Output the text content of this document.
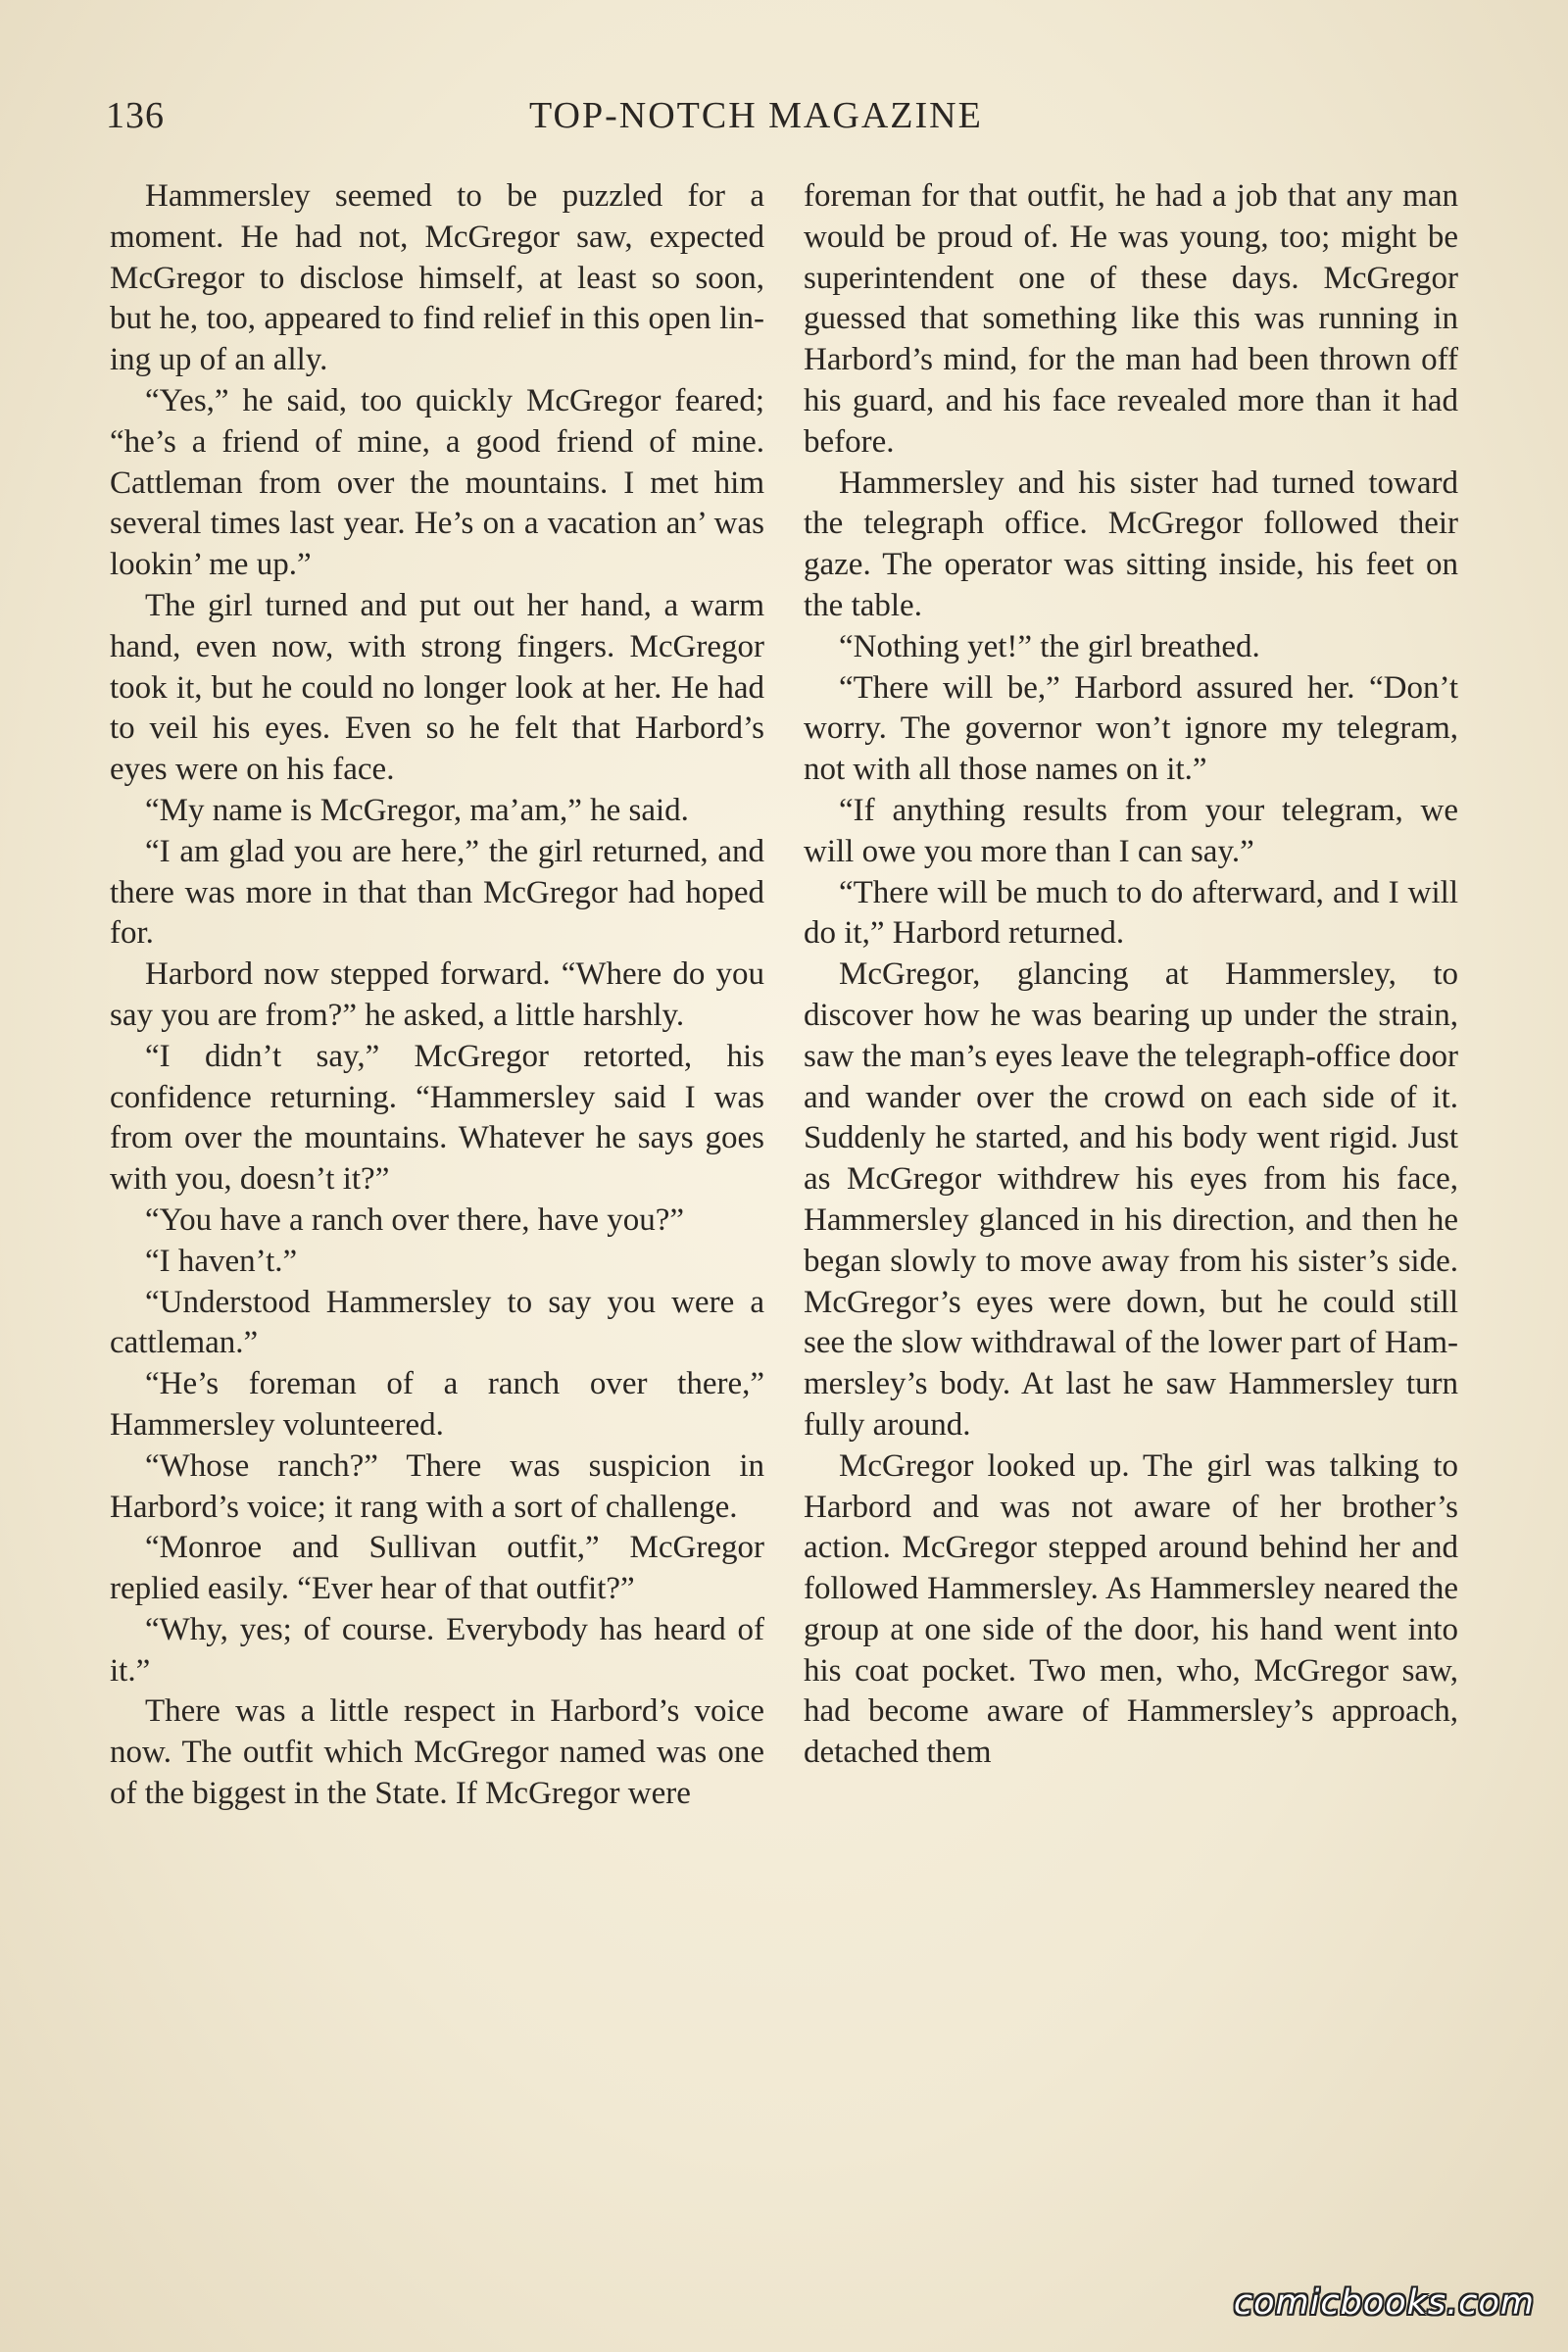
136	TOP-NOTCH MAGAZINE

Hammersley seemed to be puzzled for a moment. He had not, McGregor saw, expected McGregor to disclose himself, at least so soon, but he, too, appeared to find relief in this open lining up of an ally.

“Yes,” he said, too quickly McGregor feared; “he’s a friend of mine, a good friend of mine. Cattleman from over the mountains. I met him several times last year. He’s on a vacation an’ was lookin’ me up.”

The girl turned and put out her hand, a warm hand, even now, with strong fingers. McGregor took it, but he could no longer look at her. He had to veil his eyes. Even so he felt that Harbord’s eyes were on his face.

“My name is McGregor, ma’am,” he said.

“I am glad you are here,” the girl returned, and there was more in that than McGregor had hoped for.

Harbord now stepped forward. “Where do you say you are from?” he asked, a little harshly.

“I didn’t say,” McGregor retorted, his confidence returning. “Hammersley said I was from over the mountains. Whatever he says goes with you, doesn’t it?”

“You have a ranch over there, have you?”

“I haven’t.”

“Understood Hammersley to say you were a cattleman.”

“He’s foreman of a ranch over there,” Hammersley volunteered.

“Whose ranch?” There was suspicion in Harbord’s voice; it rang with a sort of challenge.

“Monroe and Sullivan outfit,” McGregor replied easily. “Ever hear of that outfit?”

“Why, yes; of course. Everybody has heard of it.”

There was a little respect in Harbord’s voice now. The outfit which McGregor named was one of the biggest in the State. If McGregor were

foreman for that outfit, he had a job that any man would be proud of. He was young, too; might be superintendent one of these days. McGregor guessed that something like this was running in Harbord’s mind, for the man had been thrown off his guard, and his face revealed more than it had before.

Hammersley and his sister had turned toward the telegraph office. McGregor followed their gaze. The operator was sitting inside, his feet on the table.

“Nothing yet!” the girl breathed.

“There will be,” Harbord assured her. “Don’t worry. The governor won’t ignore my telegram, not with all those names on it.”

“If anything results from your telegram, we will owe you more than I can say.”

“There will be much to do afterward, and I will do it,” Harbord returned.

McGregor, glancing at Hammersley, to discover how he was bearing up under the strain, saw the man’s eyes leave the telegraph-office door and wander over the crowd on each side of it. Suddenly he started, and his body went rigid. Just as McGregor withdrew his eyes from his face, Hammersley glanced in his direction, and then he began slowly to move away from his sister’s side. McGregor’s eyes were down, but he could still see the slow withdrawal of the lower part of Hammersley’s body. At last he saw Hammersley turn fully around.

McGregor looked up. The girl was talking to Harbord and was not aware of her brother’s action. McGregor stepped around behind her and followed Hammersley. As Hammersley neared the group at one side of the door, his hand went into his coat pocket. Two men, who, McGregor saw, had become aware of Hammersley’s approach, detached them

comicbooks.com
